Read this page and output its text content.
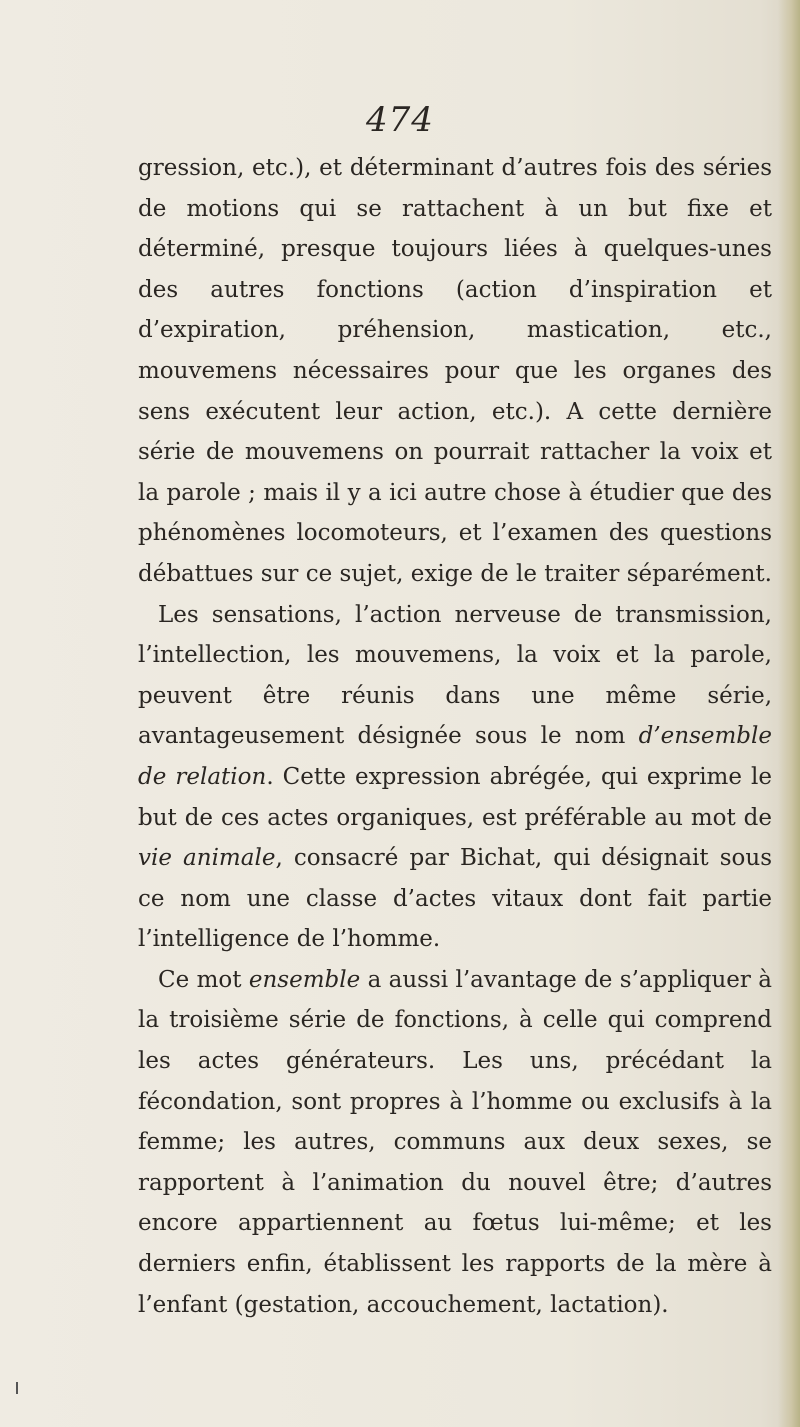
474

gression, etc.), et déterminant d’autres fois des séries de motions qui se rattachent à un but fixe et déterminé, presque toujours liées à quelques-unes des autres fonctions (action d’inspiration et d’expiration, préhension, mastication, etc., mouvemens nécessaires pour que les organes des sens exécutent leur action, etc.). A cette dernière série de mouvemens on pourrait rattacher la voix et la parole ; mais il y a ici autre chose à étudier que des phénomènes locomoteurs, et l’examen des questions débattues sur ce sujet, exige de le traiter séparément.

Les sensations, l’action nerveuse de transmission, l’intellection, les mouvemens, la voix et la parole, peuvent être réunis dans une même série, avantageusement désignée sous le nom d’ensemble de relation. Cette expression abrégée, qui exprime le but de ces actes organiques, est préférable au mot de vie animale, consacré par Bichat, qui désignait sous ce nom une classe d’actes vitaux dont fait partie l’intelligence de l’homme.

Ce mot ensemble a aussi l’avantage de s’appliquer à la troisième série de fonctions, à celle qui comprend les actes générateurs. Les uns, précédant la fécondation, sont propres à l’homme ou exclusifs à la femme; les autres, communs aux deux sexes, se rapportent à l’animation du nouvel être; d’autres encore appartiennent au fœtus lui-même; et les derniers enfin, établissent les rapports de la mère à l’enfant (gestation, accouchement, lactation).
